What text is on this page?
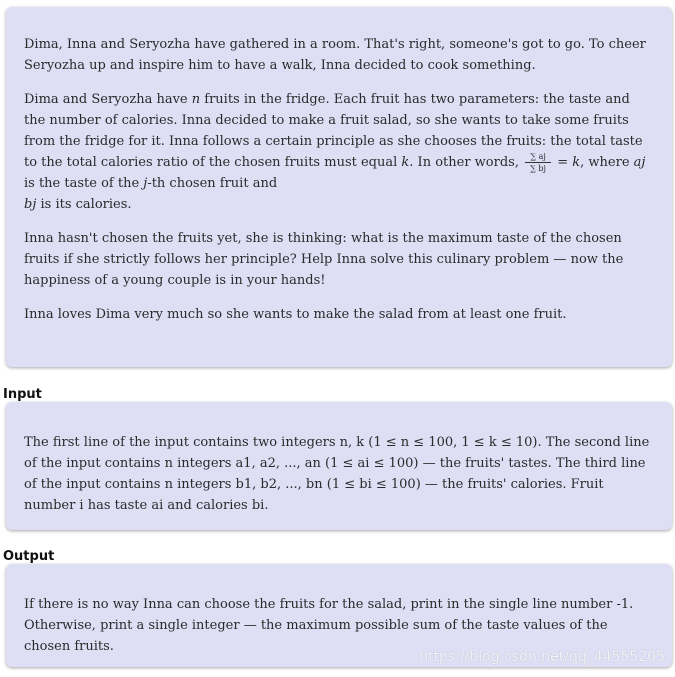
Dima, Inna and Seryozha have gathered in a room. That's right, someone's got to go. To cheer Seryozha up and inspire him to have a walk, Inna decided to cook something.

Dima and Seryozha have n fruits in the fridge. Each fruit has two parameters: the taste and the number of calories. Inna decided to make a fruit salad, so she wants to take some fruits from the fridge for it. Inna follows a certain principle as she chooses the fruits: the total taste to the total calories ratio of the chosen fruits must equal k. In other words, $\frac{\sum aj}{\sum bj} = k$, where aj is the taste of the j-th chosen fruit and
bj is its calories.

Inna hasn't chosen the fruits yet, she is thinking: what is the maximum taste of the chosen fruits if she strictly follows her principle? Help Inna solve this culinary problem — now the happiness of a young couple is in your hands!

Inna loves Dima very much so she wants to make the salad from at least one fruit.

Input

The first line of the input contains two integers n, k (1 ≤ n ≤ 100, 1 ≤ k ≤ 10). The second line of the input contains n integers a1, a2, ..., an (1 ≤ ai ≤ 100) — the fruits' tastes. The third line of the input contains n integers b1, b2, ..., bn (1 ≤ bi ≤ 100) — the fruits' calories. Fruit number i has taste ai and calories bi.

Output

If there is no way Inna can choose the fruits for the salad, print in the single line number -1. Otherwise, print a single integer — the maximum possible sum of the taste values of the chosen fruits.

https://blog.csdn.net/qq_44555205
